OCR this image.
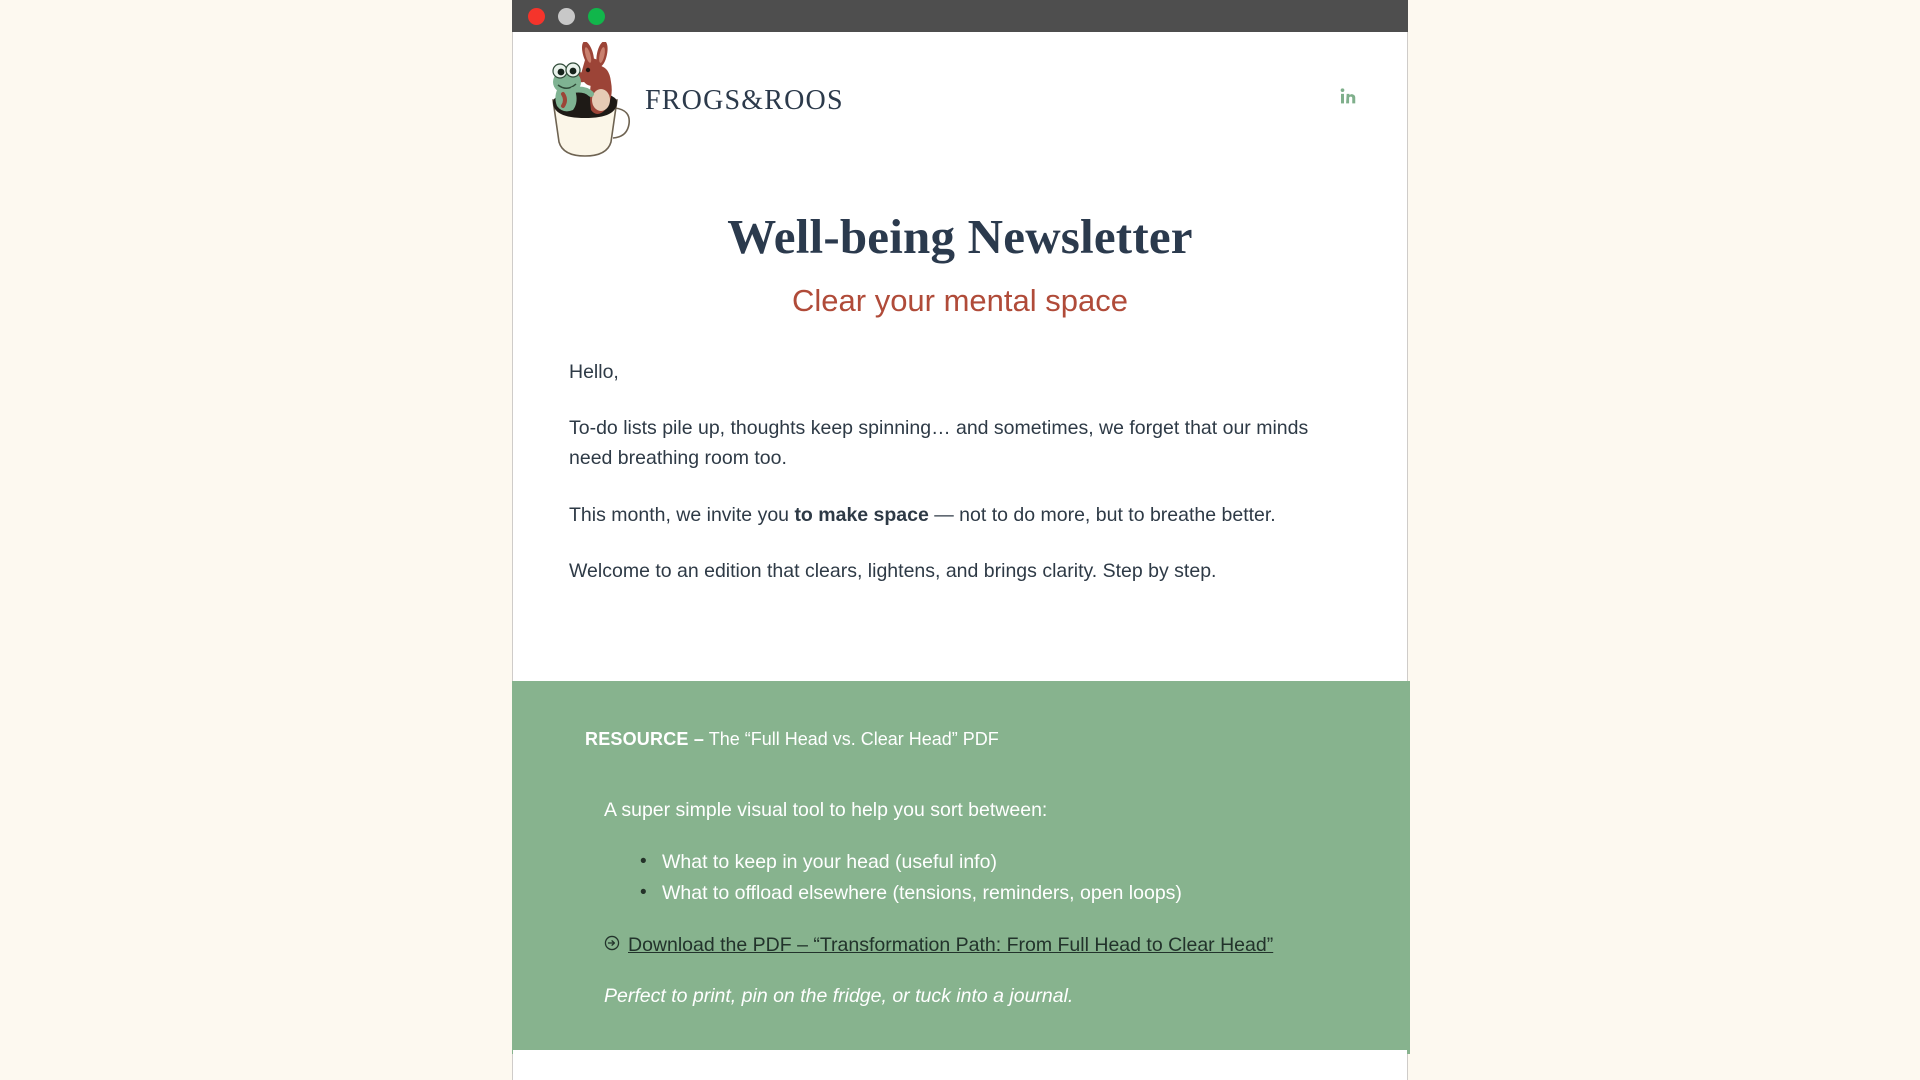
FROGS&ROOS
Well-being Newsletter
Clear your mental space

Hello,

To-do lists pile up, thoughts keep spinning… and sometimes, we forget that our minds need breathing room too.

This month, we invite you to make space — not to do more, but to breathe better.

Welcome to an edition that clears, lightens, and brings clarity. Step by step.

RESOURCE – The “Full Head vs. Clear Head” PDF
A super simple visual tool to help you sort between:
• What to keep in your head (useful info)
• What to offload elsewhere (tensions, reminders, open loops)
Download the PDF – “Transformation Path: From Full Head to Clear Head”
Perfect to print, pin on the fridge, or tuck into a journal.
